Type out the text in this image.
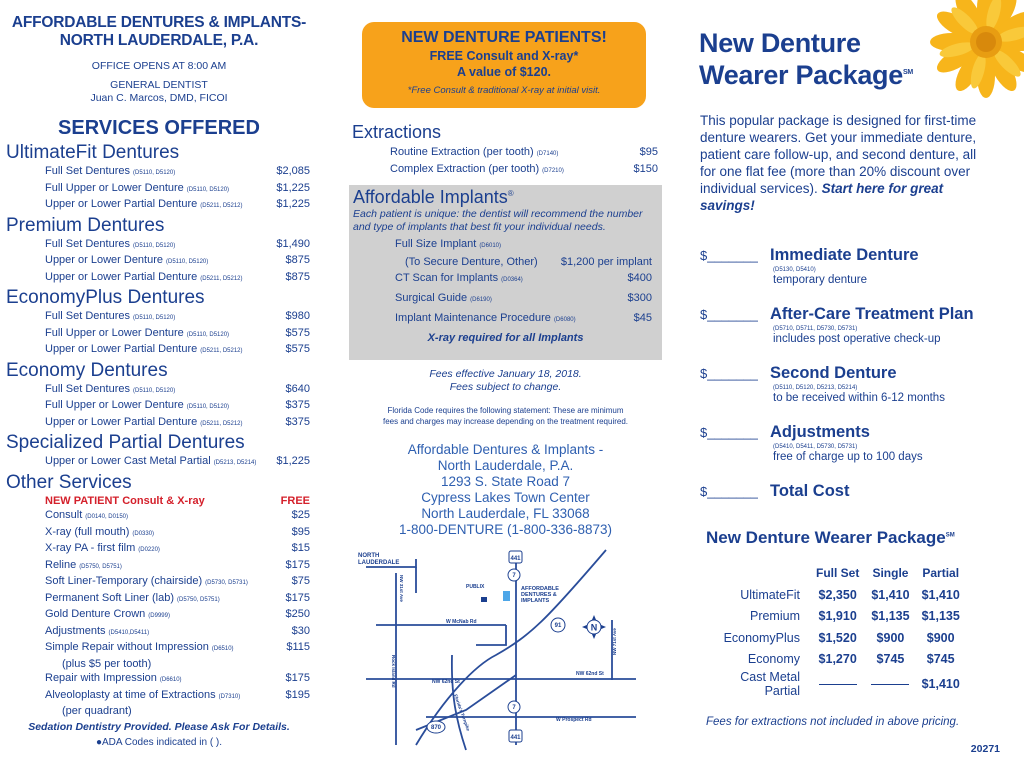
AFFORDABLE DENTURES & IMPLANTS-
NORTH LAUDERDALE, P.A.
OFFICE OPENS AT 8:00 AM
GENERAL DENTIST
Juan C. Marcos, DMD, FICOI
SERVICES OFFERED
UltimateFit Dentures
Full Set Dentures (D5110, D5120)	$2,085
Full Upper or Lower Denture (D5110, D5120)	$1,225
Upper or Lower Partial Denture (D5211, D5212)	$1,225
Premium Dentures
Full Set Dentures (D5110, D5120)	$1,490
Upper or Lower Denture (D5110, D5120)	$875
Upper or Lower Partial Denture (D5211, D5212)	$875
EconomyPlus Dentures
Full Set Dentures (D5110, D5120)	$980
Full Upper or Lower Denture (D5110, D5120)	$575
Upper or Lower Partial Denture (D5211, D5212)	$575
Economy Dentures
Full Set Dentures (D5110, D5120)	$640
Full Upper or Lower Denture (D5110, D5120)	$375
Upper or Lower Partial Denture (D5211, D5212)	$375
Specialized Partial Dentures
Upper or Lower Cast Metal Partial (D5213, D5214) $1,225
Other Services
NEW PATIENT Consult & X-ray	FREE
Consult (D0140, D0150)	$25
X-ray (full mouth) (D0330)	$95
X-ray PA - first film (D0220)	$15
Reline (D5750, D5751)	$175
Soft Liner-Temporary (chairside) (D5730, D5731)	$75
Permanent Soft Liner (lab) (D5750, D5751)	$175
Gold Denture Crown (D9999)	$250
Adjustments (D5410,D5411)	$30
Simple Repair without Impression (D6510)	$115
(plus $5 per tooth)
Repair with Impression (D6610)	$175
Alveoloplasty at time of Extractions (D7310)	$195
(per quadrant)
Sedation Dentistry Provided. Please Ask For Details.
●ADA Codes indicated in ( ).
NEW DENTURE PATIENTS!
FREE Consult and X-ray*
A value of $120.
*Free Consult & traditional X-ray at initial visit.
Extractions
Routine Extraction (per tooth) (D7140)	$95
Complex Extraction (per tooth) (D7210)	$150
Affordable Implants®
Each patient is unique: the dentist will recommend the number and type of implants that best fit your individual needs.
Full Size Implant (D6010)
(To Secure Denture, Other) $1,200 per implant
CT Scan for Implants (D0364)	$400
Surgical Guide (D6190)	$300
Implant Maintenance Procedure (D6080)	$45
X-ray required for all Implants
Fees effective January 18, 2018.
Fees subject to change.
Florida Code requires the following statement: These are minimum
fees and charges may increase depending on the treatment required.
Affordable Dentures & Implants -
North Lauderdale, P.A.
1293 S. State Road 7
Cypress Lakes Town Center
North Lauderdale, FL 33068
1-800-DENTURE (1-800-336-8873)
NORTH LAUDERDALE
PUBLIX	AFFORDABLE
DENTURES &
IMPLANTS
W McNab Rd
NW 62nd St
NW 62nd St
W Prospect Rd
Rock Island Rd
NW 31st Ave
NW 71st Ave
Florida's Turnpike
441
7
91
7
870
441
N
New Denture
Wearer Package℠
This popular package is designed for first-time denture wearers. Get your immediate denture, patient care follow-up, and second denture, all for one flat fee (more than 20% discount over individual services). Start here for great savings!
$_______ Immediate Denture
(D5130, D5410)
temporary denture
$_______ After-Care Treatment Plan
(D5710, D5711, D5730, D5731)
includes post operative check-up
$_______ Second Denture
(D5110, D5120, D5213, D5214)
to be received within 6-12 months
$_______ Adjustments
(D5410, D5411, D5730, D5731)
free of charge up to 100 days
$_______ Total Cost
New Denture Wearer Package℠
	Full Set	Single	Partial
UltimateFit	$2,350	$1,410	$1,410
Premium	$1,910	$1,135	$1,135
EconomyPlus	$1,520	$900	$900
Economy	$1,270	$745	$745
Cast Metal Partial			$1,410
Fees for extractions not included in above pricing.
20271
